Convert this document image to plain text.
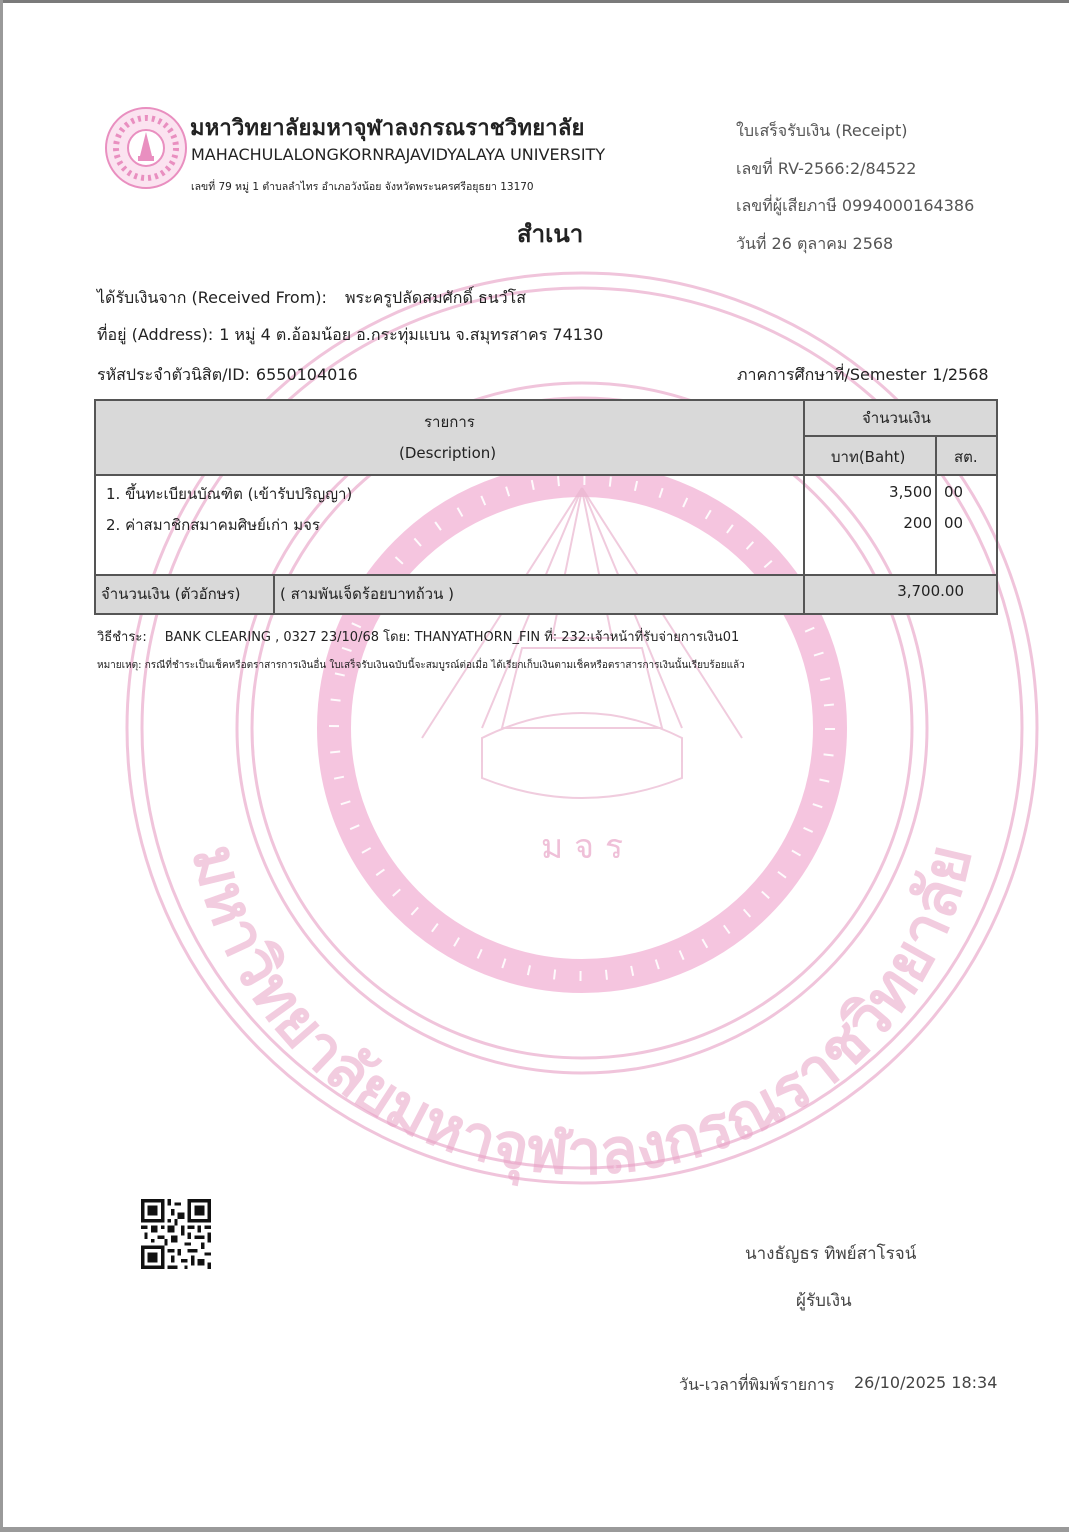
ม จ ร
มหาวิทยาลัยมหาจุฬาลงกรณราชวิทยาลัย
มหาวิทยาลัยมหาจุฬาลงกรณราชวิทยาลัย
MAHACHULALONGKORNRAJAVIDYALAYA UNIVERSITY
เลขที่ 79 หมู่ 1 ตำบลลำไทร อำเภอวังน้อย จังหวัดพระนครศรีอยุธยา 13170
สำเนา
ใบเสร็จรับเงิน (Receipt)
เลขที่ RV-2566:2/84522
เลขที่ผู้เสียภาษี 0994000164386
วันที่ 26 ตุลาคม 2568
ได้รับเงินจาก (Received From): พระครูปลัดสมศักดิ์ ธนวํโส
ที่อยู่ (Address): 1 หมู่ 4 ต.อ้อมน้อย อ.กระทุ่มแบน จ.สมุทรสาคร 74130
รหัสประจำตัวนิสิต/ID: 6550104016	ภาคการศึกษาที่/Semester 1/2568
รายการ
(Description)
จำนวนเงิน
บาท(Baht)	สต.
1. ขึ้นทะเบียนบัณฑิต (เข้ารับปริญญา)	3,500 00
2. ค่าสมาชิกสมาคมศิษย์เก่า มจร	200 00
จำนวนเงิน (ตัวอักษร)	( สามพันเจ็ดร้อยบาทถ้วน )	3,700.00
วิธีชำระ: BANK CLEARING , 0327 23/10/68 โดย: THANYATHORN_FIN ที่: 232:เจ้าหน้าที่รับจ่ายการเงิน01
หมายเหตุ: กรณีที่ชำระเป็นเช็คหรือตราสารการเงินอื่น ใบเสร็จรับเงินฉบับนี้จะสมบูรณ์ต่อเมื่อ ได้เรียกเก็บเงินตามเช็คหรือตราสารการเงินนั้นเรียบร้อยแล้ว
นางธัญธร ทิพย์สาโรจน์
ผู้รับเงิน
วัน-เวลาที่พิมพ์รายการ 26/10/2025 18:34
